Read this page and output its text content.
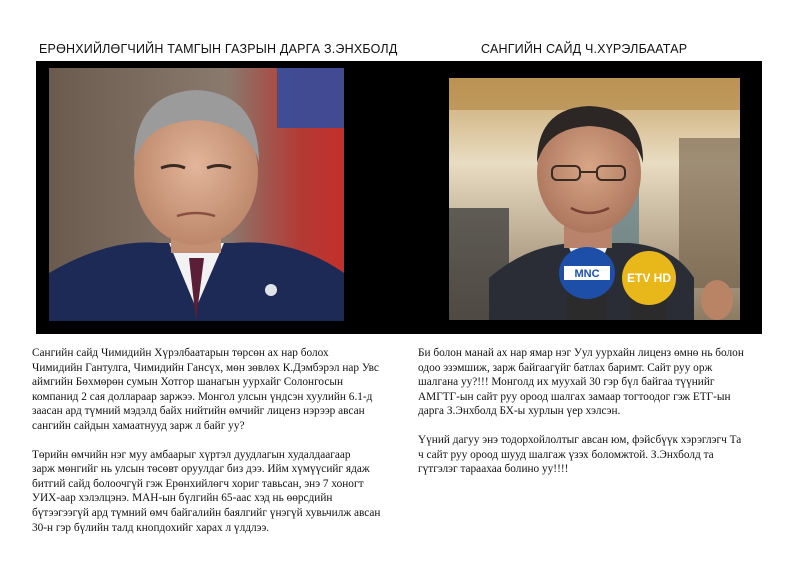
ЕРӨНХИЙЛӨГЧИЙН ТАМГЫН ГАЗРЫН ДАРГА З.ЭНХБОЛД	САНГИЙН САЙД Ч.ХҮРЭЛБААТАР
MNC ETV HD
Сангийн сайд Чимидийн Хүрэлбаатарын төрсөн ах нар болох
Чимидийн Гантулга, Чимидийн Гансүх, мөн зөвлөх К.Дэмбэрэл нар Увс
аймгийн Бөхмөрөн сумын Хотгор шанагын уурхайг Солонгосын
компанид 2 сая доллараар заржээ. Монгол улсын үндсэн хуулийн 6.1-д
заасан ард түмний мэдэлд байх нийтийн өмчийг лиценз нэрээр авсан
сангийн сайдын хамаатнууд зарж л байг уу?
Төрийн өмчийн нэг муу амбаарыг хүртэл дуудлагын худалдаагаар
зарж мөнгийг нь улсын төсөвт оруулдаг биз дээ. Ийм хүмүүсийг ядаж
битгий сайд болоочгүй гэж Ерөнхийлөгч хориг тавьсан, энэ 7 хоногт
УИХ-аар хэлэлцэнэ. МАН-ын бүлгийн 65-аас хэд нь өөрсдийн
бүтээгээгүй ард түмний өмч байгалийн баялгийг үнэгүй хувьчилж авсан
30-н гэр бүлийн талд кнопдохийг харах л үлдлээ.
Би болон манай ах нар ямар нэг Уул уурхайн лиценз өмнө нь болон
одоо эзэмшиж, зарж байгаагүйг батлах баримт. Сайт руу орж
шалгана уу?!!! Монголд их муухай 30 гэр бүл байгаа түүнийг
АМГТГ-ын сайт руу ороод шалгах замаар тогтоодог гэж ЕТГ-ын
дарга З.Энхболд БХ-ы хурлын үер хэлсэн.
Үүний дагуу энэ тодорхойлолтыг авсан юм, фэйсбүүк хэрэглэгч Та
ч сайт руу ороод шууд шалгаж үзэх боломжтой. З.Энхболд та
гүтгэлэг тараахаа болино уу!!!!
